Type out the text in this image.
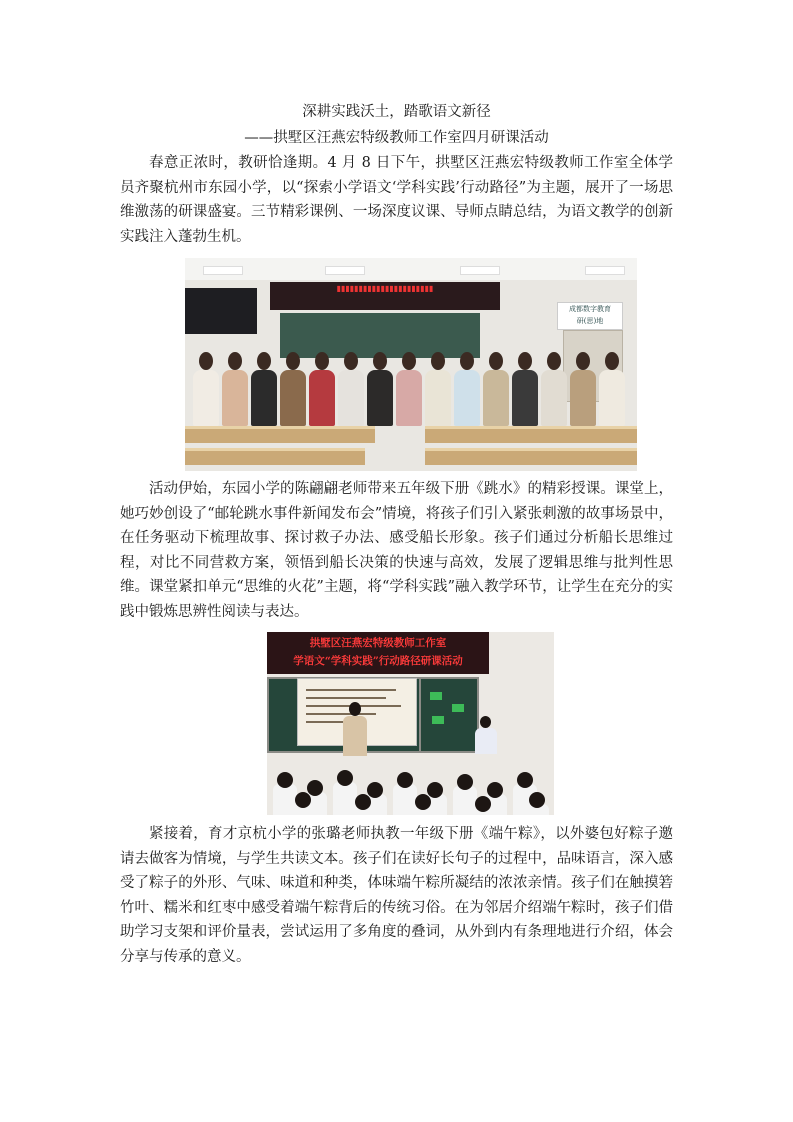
深耕实践沃土，踏歌语文新径
——拱墅区汪燕宏特级教师工作室四月研课活动
春意正浓时，教研恰逢期。4 月 8 日下午，拱墅区汪燕宏特级教师工作室全体学员齐聚杭州市东园小学，以“探索小学语文‘学科实践’行动路径”为主题，展开了一场思维激荡的研课盛宴。三节精彩课例、一场深度议课、导师点睛总结，为语文教学的创新实践注入蓬勃生机。
▮▮▮▮▮▮▮▮▮▮▮▮▮▮▮▮▮▮▮▮▮▮
成都数字教育
研(思)地
活动伊始，东园小学的陈翩翩老师带来五年级下册《跳水》的精彩授课。课堂上，她巧妙创设了“邮轮跳水事件新闻发布会”情境，将孩子们引入紧张刺激的故事场景中，在任务驱动下梳理故事、探讨救子办法、感受船长形象。孩子们通过分析船长思维过程，对比不同营救方案，领悟到船长决策的快速与高效，发展了逻辑思维与批判性思维。课堂紧扣单元“思维的火花”主题，将“学科实践”融入教学环节，让学生在充分的实践中锻炼思辨性阅读与表达。
拱墅区汪燕宏特级教师工作室
学语文“学科实践”行动路径研课活动
紧接着，育才京杭小学的张璐老师执教一年级下册《端午粽》，以外婆包好粽子邀请去做客为情境，与学生共读文本。孩子们在读好长句子的过程中，品味语言，深入感受了粽子的外形、气味、味道和种类，体味端午粽所凝结的浓浓亲情。孩子们在触摸箬竹叶、糯米和红枣中感受着端午粽背后的传统习俗。在为邻居介绍端午粽时，孩子们借助学习支架和评价量表，尝试运用了多角度的叠词，从外到内有条理地进行介绍，体会分享与传承的意义。
